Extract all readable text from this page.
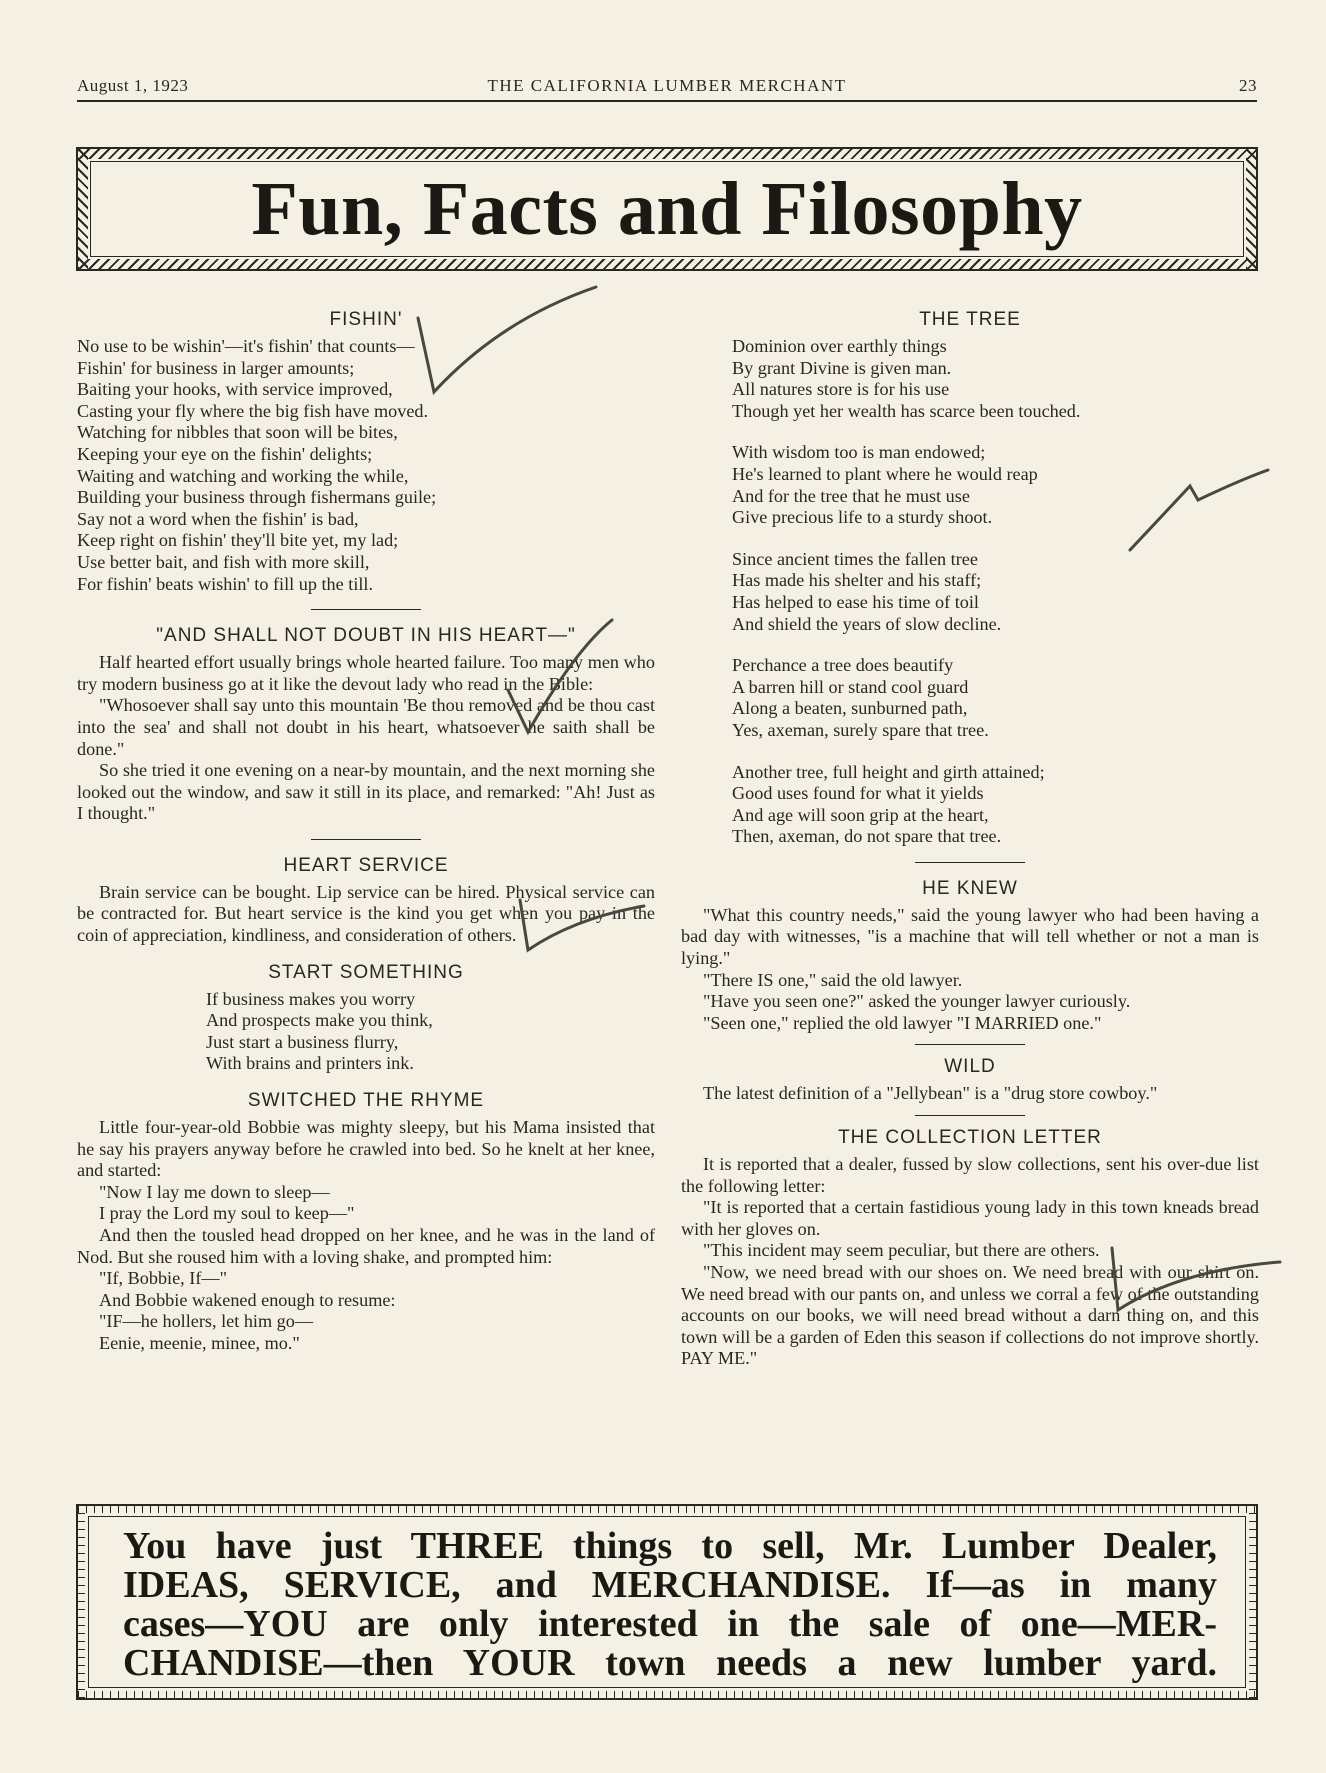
THE CALIFORNIA LUMBER MERCHANT
August 1, 1923	23
Fun, Facts and Filosophy
FISHIN'
No use to be wishin'—it's fishin' that counts—
Fishin' for business in larger amounts;
Baiting your hooks, with service improved,
Casting your fly where the big fish have moved.
Watching for nibbles that soon will be bites,
Keeping your eye on the fishin' delights;
Waiting and watching and working the while,
Building your business through fishermans guile;
Say not a word when the fishin' is bad,
Keep right on fishin' they'll bite yet, my lad;
Use better bait, and fish with more skill,
For fishin' beats wishin' to fill up the till.
"AND SHALL NOT DOUBT IN HIS HEART—"

Half hearted effort usually brings whole hearted failure. Too many men who try modern business go at it like the devout lady who read in the Bible:

"Whosoever shall say unto this mountain 'Be thou removed and be thou cast into the sea' and shall not doubt in his heart, whatsoever he saith shall be done."

So she tried it one evening on a near-by mountain, and the next morning she looked out the window, and saw it still in its place, and remarked: "Ah! Just as I thought."

HEART SERVICE

Brain service can be bought. Lip service can be hired. Physical service can be contracted for. But heart service is the kind you get when you pay in the coin of appreciation, kindliness, and consideration of others.

START SOMETHING
If business makes you worry
And prospects make you think,
Just start a business flurry,
With brains and printers ink.
SWITCHED THE RHYME

Little four-year-old Bobbie was mighty sleepy, but his Mama insisted that he say his prayers anyway before he crawled into bed. So he knelt at her knee, and started:

"Now I lay me down to sleep—

I pray the Lord my soul to keep—"

And then the tousled head dropped on her knee, and he was in the land of Nod. But she roused him with a loving shake, and prompted him:

"If, Bobbie, If—"

And Bobbie wakened enough to resume:

"IF—he hollers, let him go—

Eenie, meenie, minee, mo."

THE TREE
Dominion over earthly things
By grant Divine is given man.
All natures store is for his use
Though yet her wealth has scarce been touched.
With wisdom too is man endowed;
He's learned to plant where he would reap
And for the tree that he must use
Give precious life to a sturdy shoot.
Since ancient times the fallen tree
Has made his shelter and his staff;
Has helped to ease his time of toil
And shield the years of slow decline.
Perchance a tree does beautify
A barren hill or stand cool guard
Along a beaten, sunburned path,
Yes, axeman, surely spare that tree.
Another tree, full height and girth attained;
Good uses found for what it yields
And age will soon grip at the heart,
Then, axeman, do not spare that tree.
HE KNEW

"What this country needs," said the young lawyer who had been having a bad day with witnesses, "is a machine that will tell whether or not a man is lying."

"There IS one," said the old lawyer.

"Have you seen one?" asked the younger lawyer curiously.

"Seen one," replied the old lawyer "I MARRIED one."

WILD

The latest definition of a "Jellybean" is a "drug store cowboy."

THE COLLECTION LETTER

It is reported that a dealer, fussed by slow collections, sent his over-due list the following letter:

"It is reported that a certain fastidious young lady in this town kneads bread with her gloves on.

"This incident may seem peculiar, but there are others.

"Now, we need bread with our shoes on. We need bread with our shirt on. We need bread with our pants on, and unless we corral a few of the outstanding accounts on our books, we will need bread without a darn thing on, and this town will be a garden of Eden this season if collections do not improve shortly. PAY ME."

You have just THREE things to sell, Mr. Lumber Dealer,
IDEAS, SERVICE, and MERCHANDISE. If—as in many
cases—YOU are only interested in the sale of one—MER-
CHANDISE—then YOUR town needs a new lumber yard.
